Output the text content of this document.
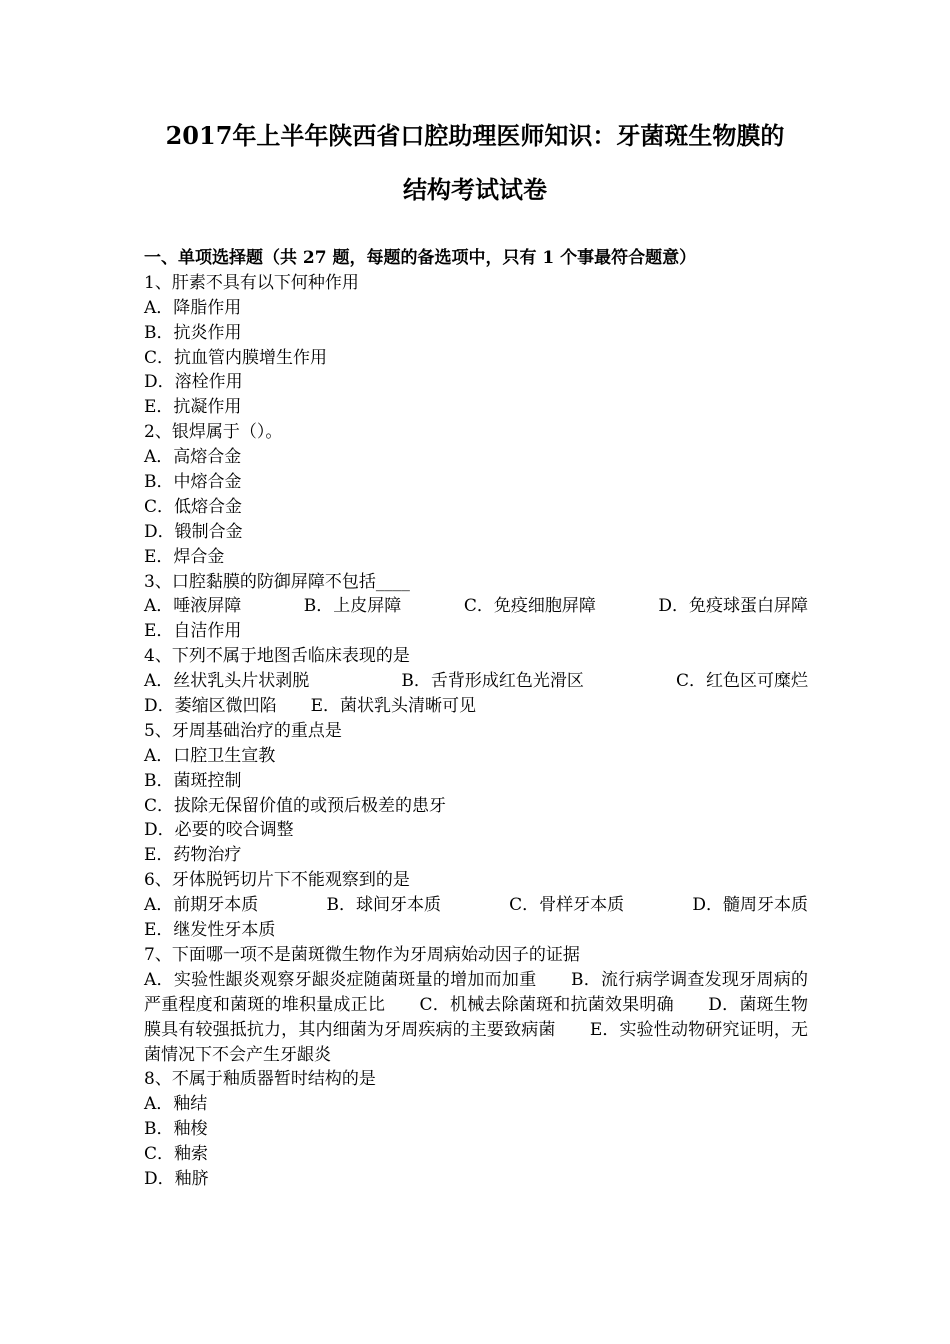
2017年上半年陕西省口腔助理医师知识：牙菌斑生物膜的
结构考试试卷
一、单项选择题（共 27 题，每题的备选项中，只有 1 个事最符合题意）
1、肝素不具有以下何种作用
A．降脂作用
B．抗炎作用
C．抗血管内膜增生作用
D．溶栓作用
E．抗凝作用
2、银焊属于（）。
A．高熔合金
B．中熔合金
C．低熔合金
D．锻制合金
E．焊合金
3、口腔黏膜的防御屏障不包括____
A．唾液屏障	B．上皮屏障	C．免疫细胞屏障	D．免疫球蛋白屏障
E．自洁作用
4、下列不属于地图舌临床表现的是
A．丝状乳头片状剥脱	B．舌背形成红色光滑区	C．红色区可糜烂
D．萎缩区微凹陷 E．菌状乳头清晰可见
5、牙周基础治疗的重点是
A．口腔卫生宣教
B．菌斑控制
C．拔除无保留价值的或预后极差的患牙
D．必要的咬合调整
E．药物治疗
6、牙体脱钙切片下不能观察到的是
A．前期牙本质	B．球间牙本质	C．骨样牙本质	D．髓周牙本质
E．继发性牙本质
7、下面哪一项不是菌斑微生物作为牙周病始动因子的证据
A．实验性龈炎观察牙龈炎症随菌斑量的增加而加重　　B．流行病学调查发现牙周病的严重程度和菌斑的堆积量成正比　　C．机械去除菌斑和抗菌效果明确　　D．菌斑生物膜具有较强抵抗力，其内细菌为牙周疾病的主要致病菌　　E．实验性动物研究证明，无菌情况下不会产生牙龈炎
8、不属于釉质器暂时结构的是
A．釉结
B．釉梭
C．釉索
D．釉脐
